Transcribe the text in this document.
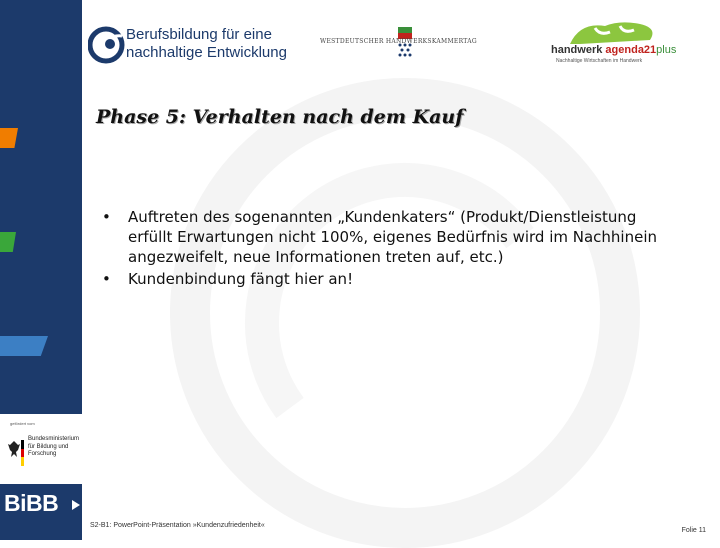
Berufsbildung für eine
nachhaltige Entwicklung
WESTDEUTSCHER HANDWERKSKAMMERTAG
handwerk agenda21plus
Nachhaltige Wirtschaften im Handwerk
Phase 5: Verhalten nach dem Kauf
• Auftreten des sogenannten „Kundenkaters“ (Produkt/Dienstleistung erfüllt Erwartungen nicht 100%, eigenes Bedürfnis wird im Nachhinein angezweifelt, neue Informationen treten auf, etc.)
• Kundenbindung fängt hier an!
gefördert vom
Bundesministerium für Bildung und Forschung
BiBB
S2-B1: PowerPoint-Präsentation »Kundenzufriedenheit«
Folie 11
